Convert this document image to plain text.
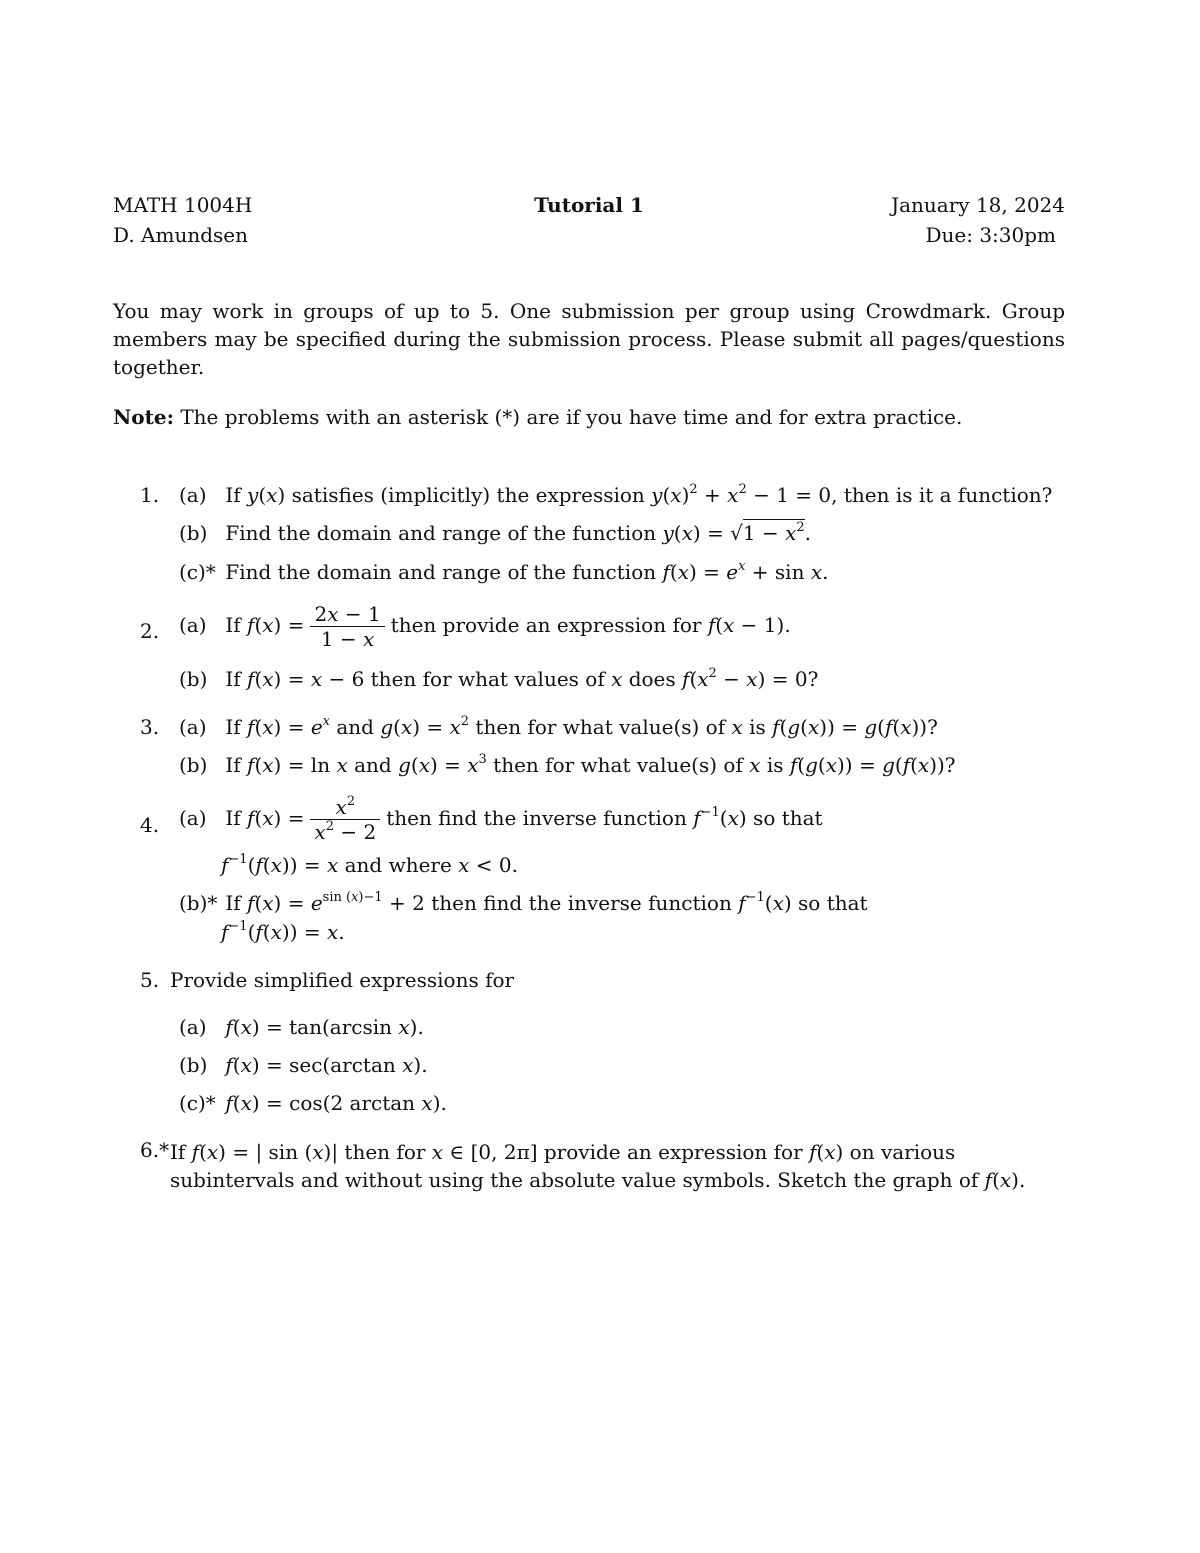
MATH 1004H	Tutorial 1	January 18, 2024
D. Amundsen	Due: 3:30pm
You may work in groups of up to 5. One submission per group using Crowdmark. Group members may be specified during the submission process. Please submit all pages/questions together.
Note: The problems with an asterisk (*) are if you have time and for extra practice.
1. (a) If y(x) satisfies (implicitly) the expression $y(x)^2 + x^2 - 1 = 0$, then is it a function?
(b) Find the domain and range of the function $y(x) = √1 - x^2$.
(c)* Find the domain and range of the function $f(x) = e^x + \sin x$.
2. (a) If $f(x) = \frac{2x - 1}{1 - x}$ then provide an expression for f(x − 1).
(b) If f(x) = x − 6 then for what values of x does $f(x^2 - x) = 0$?
3. (a) If $f(x) = e^x$ and $g(x) = x^2$ then for what value(s) of x is f(g(x)) = g(f(x))?
(b) If f(x) = ln x and $g(x) = x^3$ then for what value(s) of x is f(g(x)) = g(f(x))?
4. (a) If $f(x) = \frac{x^2}{x^2 - 2}$ then find the inverse function $f^{-1}(x)$ so that
$f^{-1}(f(x)) = x$ and where x < 0.
(b)* If $f(x) = e^{sin (x)-1} + 2$ then find the inverse function $f^{-1}(x)$ so that
$f^{-1}(f(x)) = x$.
5. Provide simplified expressions for
(a) f(x) = tan(arcsin x).
(b) f(x) = sec(arctan x).
(c)* f(x) = cos(2 arctan x).
6.* If f(x) = | sin (x)| then for x ∈ [0, 2π] provide an expression for f(x) on various subintervals and without using the absolute value symbols. Sketch the graph of f(x).
